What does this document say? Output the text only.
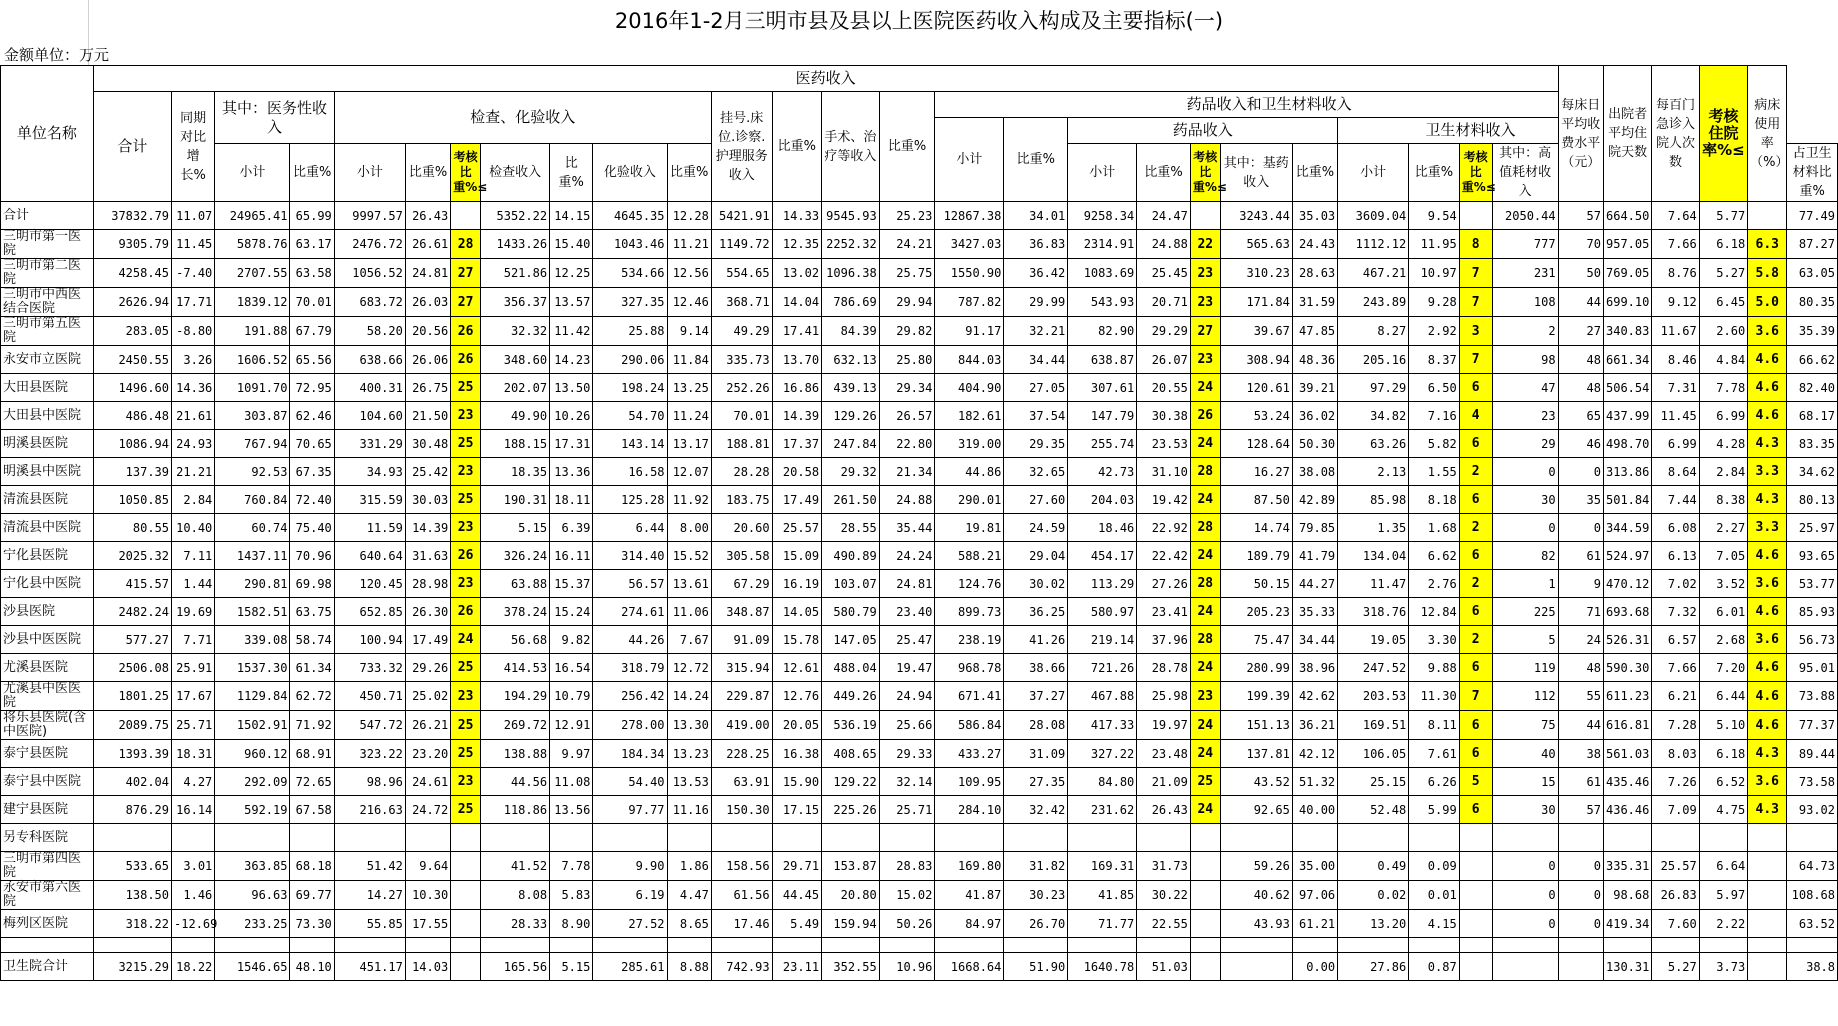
2016年1-2月三明市县及县以上医院医药收入构成及主要指标(一)
金额单位：万元
单位名称	医药收入																										每床日平均收费水平（元）	出院者平均住院天数	每百门急诊入院人次数	考核住院率%≤	病床使用率（%）	
	合计	同期对比增长%	其中：医务性收入		检查、化验收入							挂号.床位.诊察.护理服务收入	比重%	手术、治疗等收入	比重%	药品收入和卫生材料收入																
																小计	比重%	药品收入					卫生材料收入									
			小计	比重%	小计	比重%	考核比重%≤	检查收入	比重%	化验收入	比重%							小计	比重%	考核比重%≤	其中：基药收入	比重%	小计	比重%	考核比重%≤	其中：高值耗材收入						占卫生材料比重%
合计	37832.79	11.07	24965.41	65.99	9997.57	26.43		5352.22	14.15	4645.35	12.28	5421.91	14.33	9545.93	25.23	12867.38	34.01	9258.34	24.47		3243.44	35.03	3609.04	9.54		2050.44	57	664.50	7.64	5.77		77.49
三明市第一医院	9305.79	11.45	5878.76	63.17	2476.72	26.61	28	1433.26	15.40	1043.46	11.21	1149.72	12.35	2252.32	24.21	3427.03	36.83	2314.91	24.88	22	565.63	24.43	1112.12	11.95	8	777	70	957.05	7.66	6.18	6.3	87.27
三明市第二医院	4258.45	-7.40	2707.55	63.58	1056.52	24.81	27	521.86	12.25	534.66	12.56	554.65	13.02	1096.38	25.75	1550.90	36.42	1083.69	25.45	23	310.23	28.63	467.21	10.97	7	231	50	769.05	8.76	5.27	5.8	63.05
三明市中西医结合医院	2626.94	17.71	1839.12	70.01	683.72	26.03	27	356.37	13.57	327.35	12.46	368.71	14.04	786.69	29.94	787.82	29.99	543.93	20.71	23	171.84	31.59	243.89	9.28	7	108	44	699.10	9.12	6.45	5.0	80.35
三明市第五医院	283.05	-8.80	191.88	67.79	58.20	20.56	26	32.32	11.42	25.88	9.14	49.29	17.41	84.39	29.82	91.17	32.21	82.90	29.29	27	39.67	47.85	8.27	2.92	3	2	27	340.83	11.67	2.60	3.6	35.39
永安市立医院	2450.55	3.26	1606.52	65.56	638.66	26.06	26	348.60	14.23	290.06	11.84	335.73	13.70	632.13	25.80	844.03	34.44	638.87	26.07	23	308.94	48.36	205.16	8.37	7	98	48	661.34	8.46	4.84	4.6	66.62
大田县医院	1496.60	14.36	1091.70	72.95	400.31	26.75	25	202.07	13.50	198.24	13.25	252.26	16.86	439.13	29.34	404.90	27.05	307.61	20.55	24	120.61	39.21	97.29	6.50	6	47	48	506.54	7.31	7.78	4.6	82.40
大田县中医院	486.48	21.61	303.87	62.46	104.60	21.50	23	49.90	10.26	54.70	11.24	70.01	14.39	129.26	26.57	182.61	37.54	147.79	30.38	26	53.24	36.02	34.82	7.16	4	23	65	437.99	11.45	6.99	4.6	68.17
明溪县医院	1086.94	24.93	767.94	70.65	331.29	30.48	25	188.15	17.31	143.14	13.17	188.81	17.37	247.84	22.80	319.00	29.35	255.74	23.53	24	128.64	50.30	63.26	5.82	6	29	46	498.70	6.99	4.28	4.3	83.35
明溪县中医院	137.39	21.21	92.53	67.35	34.93	25.42	23	18.35	13.36	16.58	12.07	28.28	20.58	29.32	21.34	44.86	32.65	42.73	31.10	28	16.27	38.08	2.13	1.55	2	0	0	313.86	8.64	2.84	3.3	34.62
清流县医院	1050.85	2.84	760.84	72.40	315.59	30.03	25	190.31	18.11	125.28	11.92	183.75	17.49	261.50	24.88	290.01	27.60	204.03	19.42	24	87.50	42.89	85.98	8.18	6	30	35	501.84	7.44	8.38	4.3	80.13
清流县中医院	80.55	10.40	60.74	75.40	11.59	14.39	23	5.15	6.39	6.44	8.00	20.60	25.57	28.55	35.44	19.81	24.59	18.46	22.92	28	14.74	79.85	1.35	1.68	2	0	0	344.59	6.08	2.27	3.3	25.97
宁化县医院	2025.32	7.11	1437.11	70.96	640.64	31.63	26	326.24	16.11	314.40	15.52	305.58	15.09	490.89	24.24	588.21	29.04	454.17	22.42	24	189.79	41.79	134.04	6.62	6	82	61	524.97	6.13	7.05	4.6	93.65
宁化县中医院	415.57	1.44	290.81	69.98	120.45	28.98	23	63.88	15.37	56.57	13.61	67.29	16.19	103.07	24.81	124.76	30.02	113.29	27.26	28	50.15	44.27	11.47	2.76	2	1	9	470.12	7.02	3.52	3.6	53.77
沙县医院	2482.24	19.69	1582.51	63.75	652.85	26.30	26	378.24	15.24	274.61	11.06	348.87	14.05	580.79	23.40	899.73	36.25	580.97	23.41	24	205.23	35.33	318.76	12.84	6	225	71	693.68	7.32	6.01	4.6	85.93
沙县中医医院	577.27	7.71	339.08	58.74	100.94	17.49	24	56.68	9.82	44.26	7.67	91.09	15.78	147.05	25.47	238.19	41.26	219.14	37.96	28	75.47	34.44	19.05	3.30	2	5	24	526.31	6.57	2.68	3.6	56.73
尤溪县医院	2506.08	25.91	1537.30	61.34	733.32	29.26	25	414.53	16.54	318.79	12.72	315.94	12.61	488.04	19.47	968.78	38.66	721.26	28.78	24	280.99	38.96	247.52	9.88	6	119	48	590.30	7.66	7.20	4.6	95.01
尤溪县中医医院	1801.25	17.67	1129.84	62.72	450.71	25.02	23	194.29	10.79	256.42	14.24	229.87	12.76	449.26	24.94	671.41	37.27	467.88	25.98	23	199.39	42.62	203.53	11.30	7	112	55	611.23	6.21	6.44	4.6	73.88
将乐县医院(含中医院)	2089.75	25.71	1502.91	71.92	547.72	26.21	25	269.72	12.91	278.00	13.30	419.00	20.05	536.19	25.66	586.84	28.08	417.33	19.97	24	151.13	36.21	169.51	8.11	6	75	44	616.81	7.28	5.10	4.6	77.37
泰宁县医院	1393.39	18.31	960.12	68.91	323.22	23.20	25	138.88	9.97	184.34	13.23	228.25	16.38	408.65	29.33	433.27	31.09	327.22	23.48	24	137.81	42.12	106.05	7.61	6	40	38	561.03	8.03	6.18	4.3	89.44
泰宁县中医院	402.04	4.27	292.09	72.65	98.96	24.61	23	44.56	11.08	54.40	13.53	63.91	15.90	129.22	32.14	109.95	27.35	84.80	21.09	25	43.52	51.32	25.15	6.26	5	15	61	435.46	7.26	6.52	3.6	73.58
建宁县医院	876.29	16.14	592.19	67.58	216.63	24.72	25	118.86	13.56	97.77	11.16	150.30	17.15	225.26	25.71	284.10	32.42	231.62	26.43	24	92.65	40.00	52.48	5.99	6	30	57	436.46	7.09	4.75	4.3	93.02
另专科医院																																
三明市第四医院	533.65	3.01	363.85	68.18	51.42	9.64		41.52	7.78	9.90	1.86	158.56	29.71	153.87	28.83	169.80	31.82	169.31	31.73		59.26	35.00	0.49	0.09		0	0	335.31	25.57	6.64		64.73
永安市第六医院	138.50	1.46	96.63	69.77	14.27	10.30		8.08	5.83	6.19	4.47	61.56	44.45	20.80	15.02	41.87	30.23	41.85	30.22		40.62	97.06	0.02	0.01		0	0	98.68	26.83	5.97		108.68
梅列区医院	318.22	-12.69	233.25	73.30	55.85	17.55		28.33	8.90	27.52	8.65	17.46	5.49	159.94	50.26	84.97	26.70	71.77	22.55		43.93	61.21	13.20	4.15		0	0	419.34	7.60	2.22		63.52

卫生院合计	3215.29	18.22	1546.65	48.10	451.17	14.03		165.56	5.15	285.61	8.88	742.93	23.11	352.55	10.96	1668.64	51.90	1640.78	51.03			0.00	27.86	0.87				130.31	5.27	3.73		38.8
